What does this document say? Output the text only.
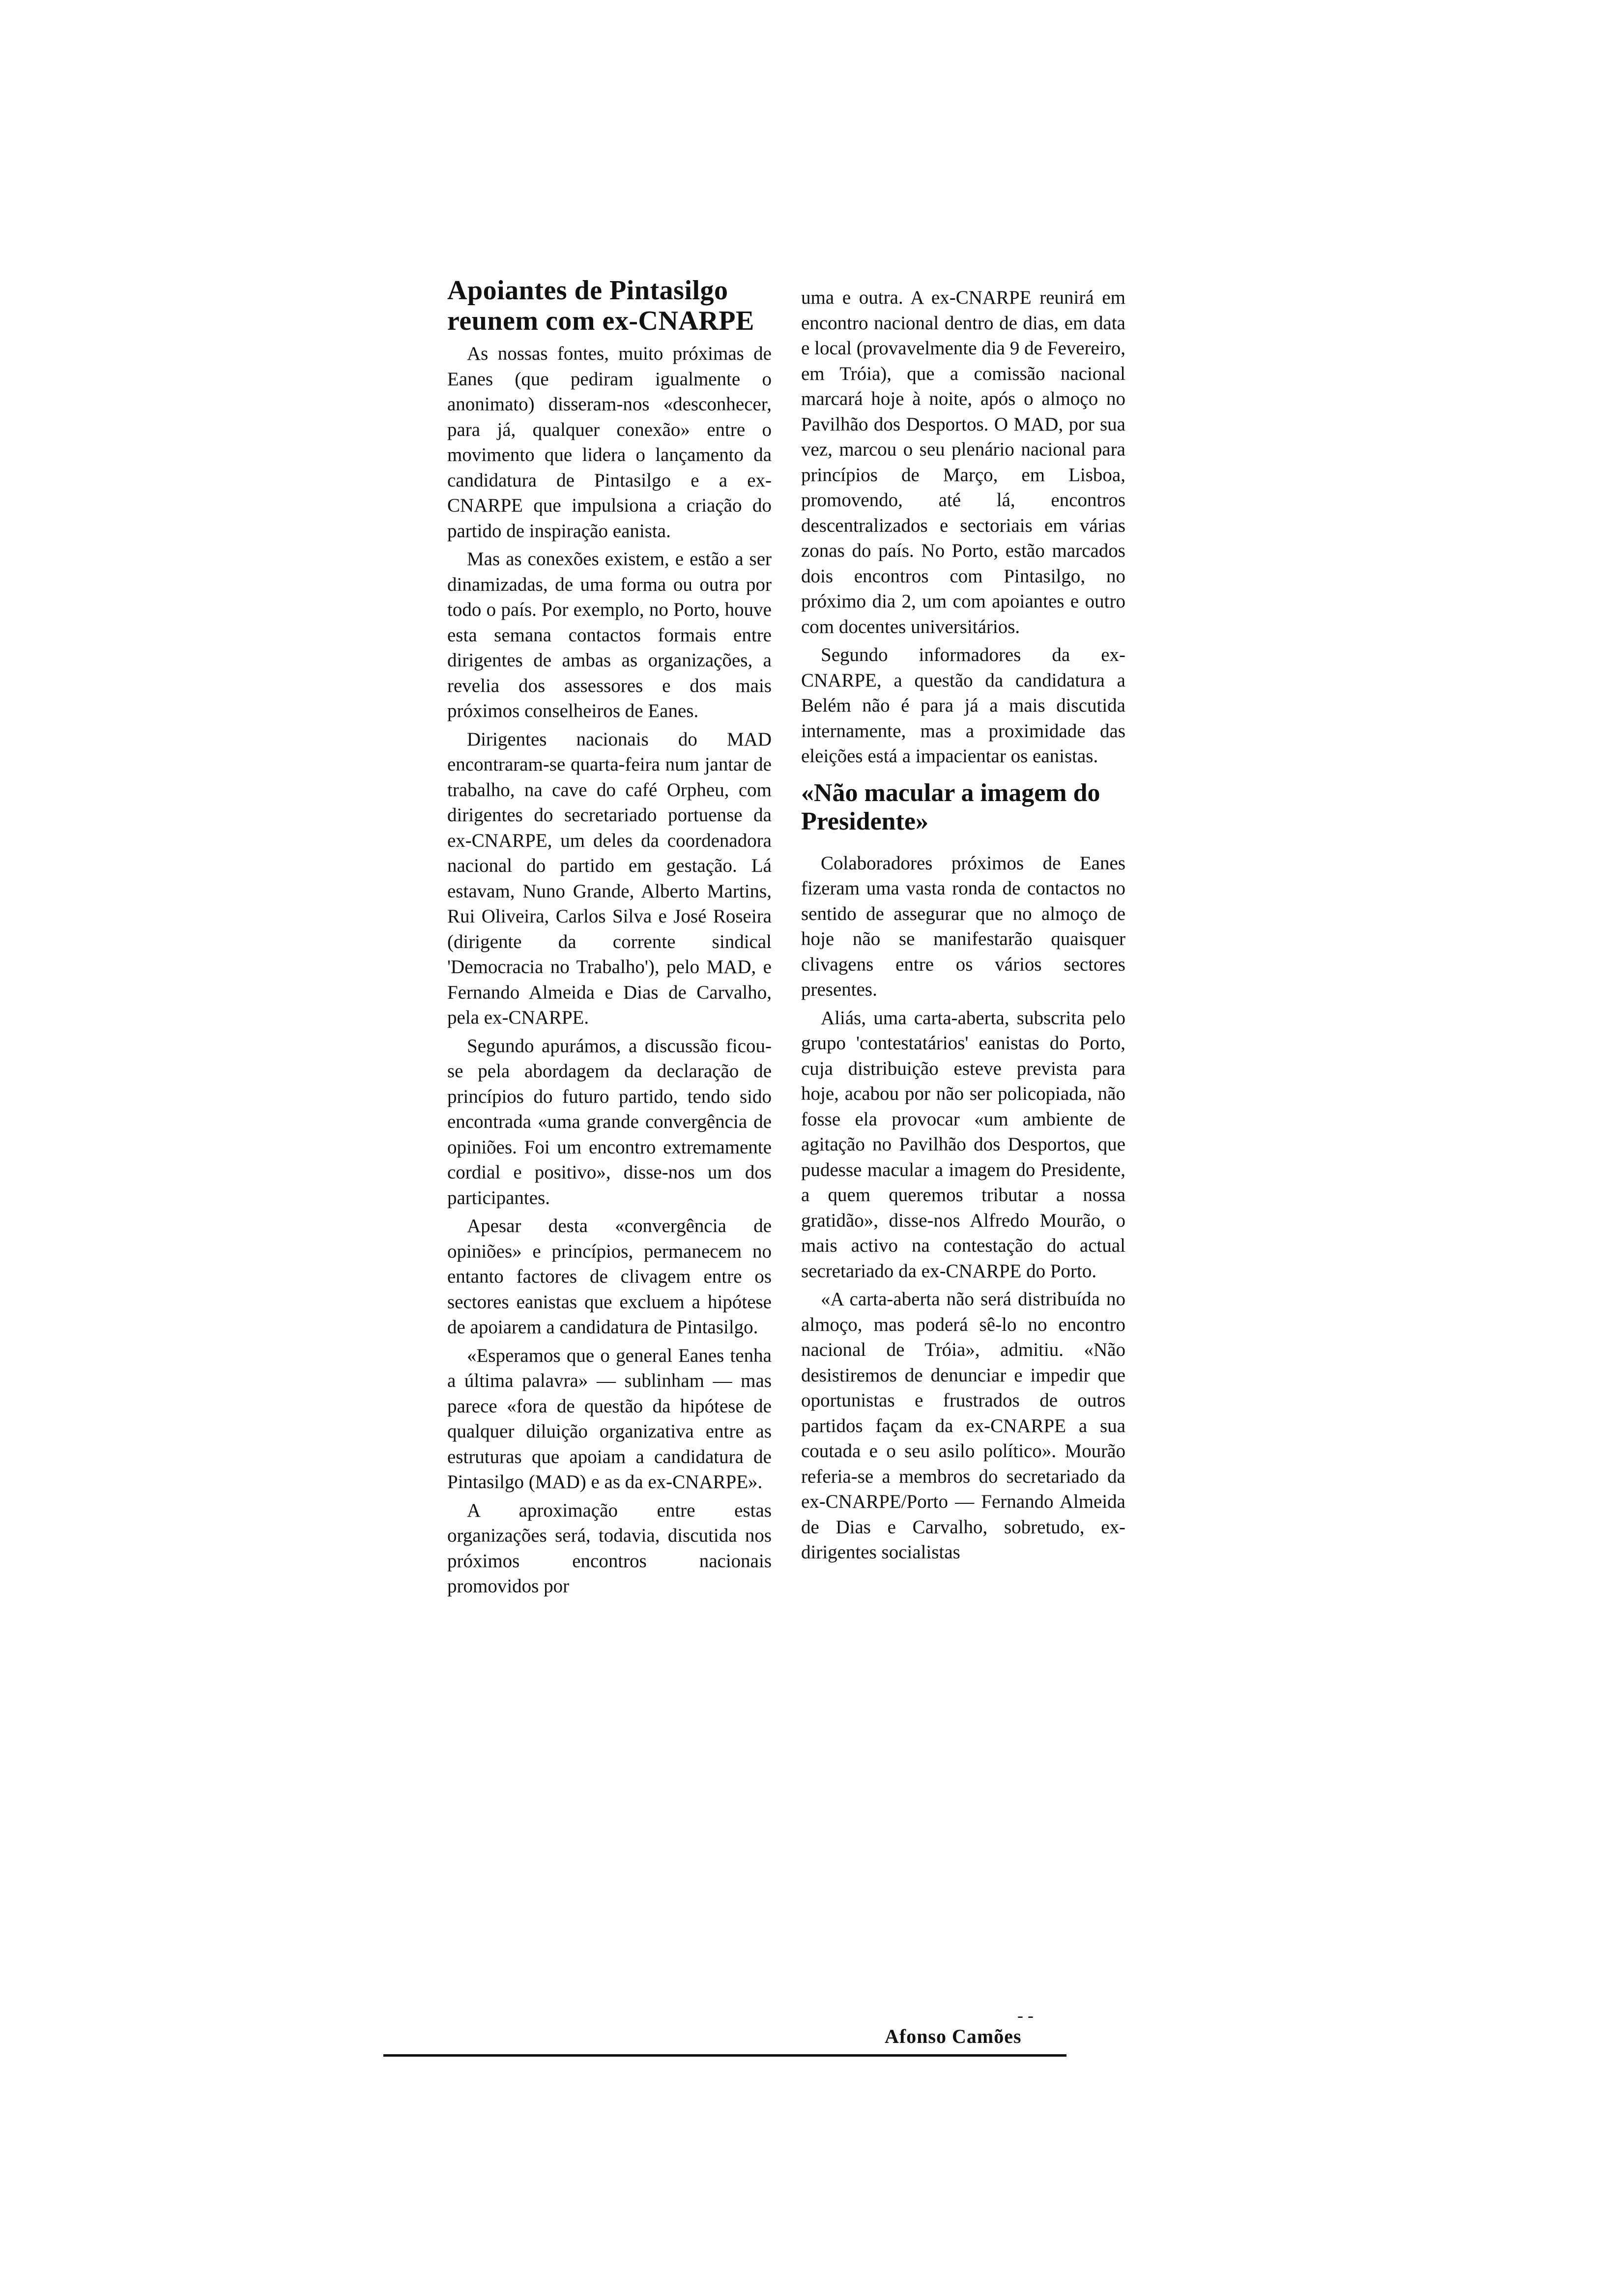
Apoiantes de Pintasilgo reunem com ex-CNARPE

As nossas fontes, muito próximas de Eanes (que pediram igualmente o anonimato) disseram-nos «desconhecer, para já, qualquer conexão» entre o movimento que lidera o lançamento da candidatura de Pintasilgo e a ex-CNARPE que impulsiona a criação do partido de inspiração eanista.

Mas as conexões existem, e estão a ser dinamizadas, de uma forma ou outra por todo o país. Por exemplo, no Porto, houve esta semana contactos formais entre dirigentes de ambas as organizações, a revelia dos assessores e dos mais próximos conselheiros de Eanes.

Dirigentes nacionais do MAD encontraram-se quarta-feira num jantar de trabalho, na cave do café Orpheu, com dirigentes do secretariado portuense da ex-CNARPE, um deles da coordenadora nacional do partido em gestação. Lá estavam, Nuno Grande, Alberto Martins, Rui Oliveira, Carlos Silva e José Roseira (dirigente da corrente sindical 'Democracia no Trabalho'), pelo MAD, e Fernando Almeida e Dias de Carvalho, pela ex-CNARPE.

Segundo apurámos, a discussão ficou-se pela abordagem da declaração de princípios do futuro partido, tendo sido encontrada «uma grande convergência de opiniões. Foi um encontro extremamente cordial e positivo», disse-nos um dos participantes.

Apesar desta «convergência de opiniões» e princípios, permanecem no entanto factores de clivagem entre os sectores eanistas que excluem a hipótese de apoiarem a candidatura de Pintasilgo.

«Esperamos que o general Eanes tenha a última palavra» — sublinham — mas parece «fora de questão da hipótese de qualquer diluição organizativa entre as estruturas que apoiam a candidatura de Pintasilgo (MAD) e as da ex-CNARPE».

A aproximação entre estas organizações será, todavia, discutida nos próximos encontros nacionais promovidos por

uma e outra. A ex-CNARPE reunirá em encontro nacional dentro de dias, em data e local (provavelmente dia 9 de Fevereiro, em Tróia), que a comissão nacional marcará hoje à noite, após o almoço no Pavilhão dos Desportos. O MAD, por sua vez, marcou o seu plenário nacional para princípios de Março, em Lisboa, promovendo, até lá, encontros descentralizados e sectoriais em várias zonas do país. No Porto, estão marcados dois encontros com Pintasilgo, no próximo dia 2, um com apoiantes e outro com docentes universitários.

Segundo informadores da ex-CNARPE, a questão da candidatura a Belém não é para já a mais discutida internamente, mas a proximidade das eleições está a impacientar os eanistas.

«Não macular a imagem do Presidente»

Colaboradores próximos de Eanes fizeram uma vasta ronda de contactos no sentido de assegurar que no almoço de hoje não se manifestarão quaisquer clivagens entre os vários sectores presentes.

Aliás, uma carta-aberta, subscrita pelo grupo 'contestatários' eanistas do Porto, cuja distribuição esteve prevista para hoje, acabou por não ser policopiada, não fosse ela provocar «um ambiente de agitação no Pavilhão dos Desportos, que pudesse macular a imagem do Presidente, a quem queremos tributar a nossa gratidão», disse-nos Alfredo Mourão, o mais activo na contestação do actual secretariado da ex-CNARPE do Porto.

«A carta-aberta não será distribuída no almoço, mas poderá sê-lo no encontro nacional de Tróia», admitiu. «Não desistiremos de denunciar e impedir que oportunistas e frustrados de outros partidos façam da ex-CNARPE a sua coutada e o seu asilo político». Mourão referia-se a membros do secretariado da ex-CNARPE/Porto — Fernando Almeida de Dias e Carvalho, sobretudo, ex-dirigentes socialistas

- -
Afonso Camões
